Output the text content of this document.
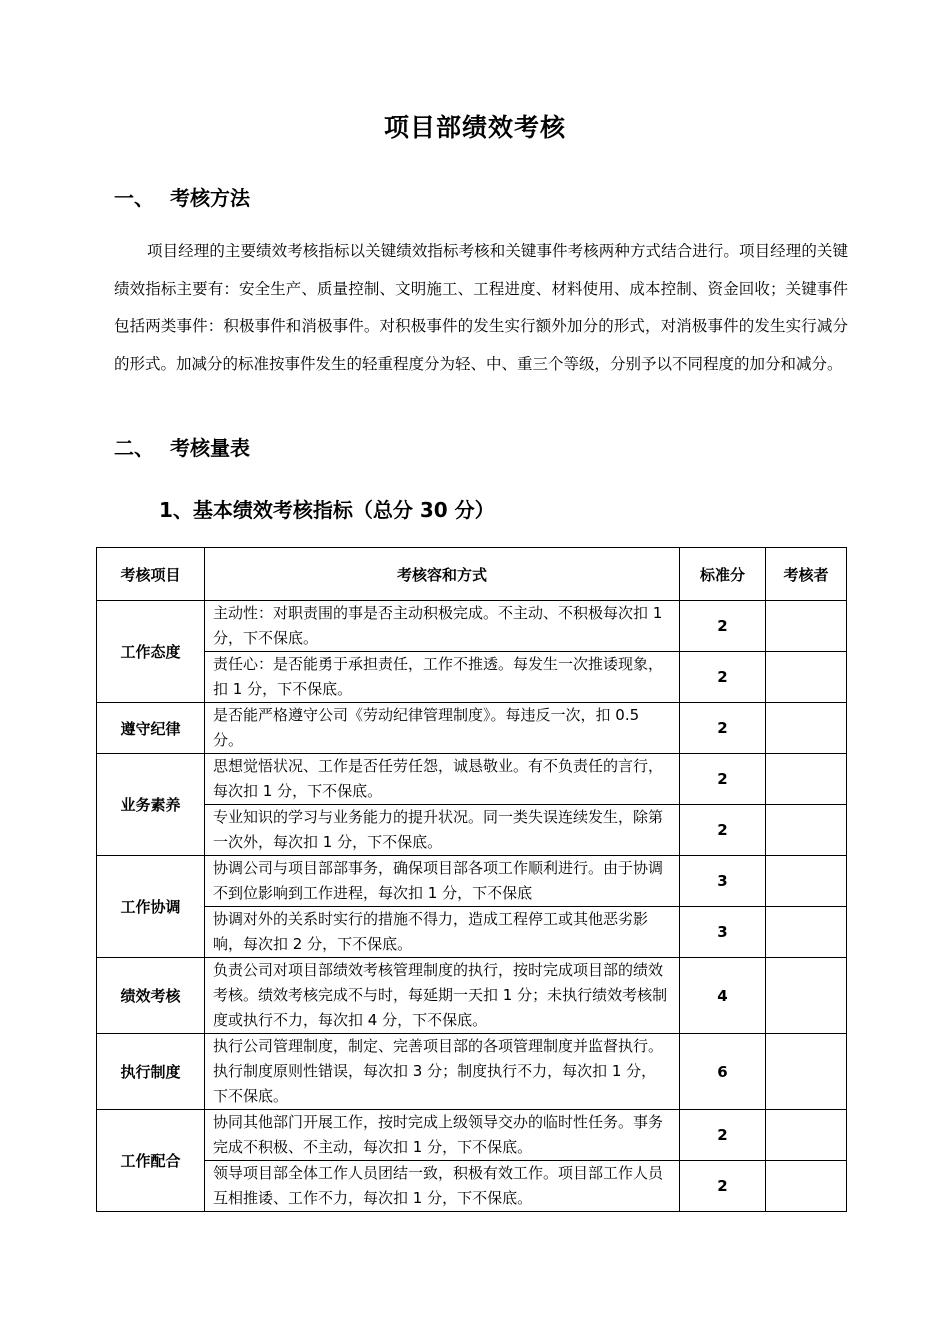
项目部绩效考核
一、 考核方法
项目经理的主要绩效考核指标以关键绩效指标考核和关键事件考核两种方式结合进行。项目经理的关键绩效指标主要有：安全生产、质量控制、文明施工、工程进度、材料使用、成本控制、资金回收；关键事件包括两类事件：积极事件和消极事件。对积极事件的发生实行额外加分的形式，对消极事件的发生实行减分的形式。加减分的标准按事件发生的轻重程度分为轻、中、重三个等级，分别予以不同程度的加分和减分。
二、 考核量表
1、基本绩效考核指标（总分 30 分）
考核项目	考核容和方式	标准分	考核者
工作态度	主动性：对职责围的事是否主动积极完成。不主动、不积极每次扣 1 分，下不保底。	2	
	责任心：是否能勇于承担责任，工作不推透。每发生一次推诿现象，扣 1 分，下不保底。	2	
遵守纪律	是否能严格遵守公司《劳动纪律管理制度》。每违反一次，扣 0.5 分。	2	
业务素养	思想觉悟状况、工作是否任劳任怨，诚恳敬业。有不负责任的言行，每次扣 1 分，下不保底。	2	
	专业知识的学习与业务能力的提升状况。同一类失误连续发生，除第一次外，每次扣 1 分，下不保底。	2	
工作协调	协调公司与项目部部事务，确保项目部各项工作顺利进行。由于协调不到位影响到工作进程，每次扣 1 分，下不保底	3	
	协调对外的关系时实行的措施不得力，造成工程停工或其他恶劣影响，每次扣 2 分，下不保底。	3	
绩效考核	负责公司对项目部绩效考核管理制度的执行，按时完成项目部的绩效考核。绩效考核完成不与时，每延期一天扣 1 分；未执行绩效考核制度或执行不力，每次扣 4 分，下不保底。	4	
执行制度	执行公司管理制度，制定、完善项目部的各项管理制度并监督执行。执行制度原则性错误，每次扣 3 分；制度执行不力，每次扣 1 分，下不保底。	6	
工作配合	协同其他部门开展工作，按时完成上级领导交办的临时性任务。事务完成不积极、不主动，每次扣 1 分，下不保底。	2	
	领导项目部全体工作人员团结一致，积极有效工作。项目部工作人员互相推诿、工作不力，每次扣 1 分，下不保底。	2	
